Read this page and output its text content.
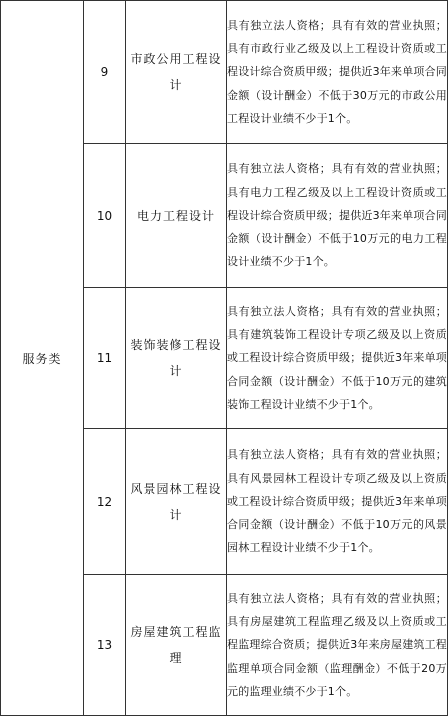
服务类	9	市政公用工程设计	具有独立法人资格；具有有效的营业执照；具有市政行业乙级及以上工程设计资质或工程设计综合资质甲级；提供近3年来单项合同金额（设计酬金）不低于30万元的市政公用工程设计业绩不少于1个。
	10	电力工程设计	具有独立法人资格；具有有效的营业执照；具有电力工程乙级及以上工程设计资质或工程设计综合资质甲级；提供近3年来单项合同金额（设计酬金）不低于10万元的电力工程设计业绩不少于1个。
	11	装饰装修工程设计	具有独立法人资格；具有有效的营业执照；具有建筑装饰工程设计专项乙级及以上资质或工程设计综合资质甲级；提供近3年来单项合同金额（设计酬金）不低于10万元的建筑装饰工程设计业绩不少于1个。
	12	风景园林工程设计	具有独立法人资格；具有有效的营业执照；具有风景园林工程设计专项乙级及以上资质或工程设计综合资质甲级；提供近3年来单项合同金额（设计酬金）不低于10万元的风景园林工程设计业绩不少于1个。
	13	房屋建筑工程监理	具有独立法人资格；具有有效的营业执照；具有房屋建筑工程监理乙级及以上资质或工程监理综合资质；提供近3年来房屋建筑工程监理单项合同金额（监理酬金）不低于20万元的监理业绩不少于1个。
